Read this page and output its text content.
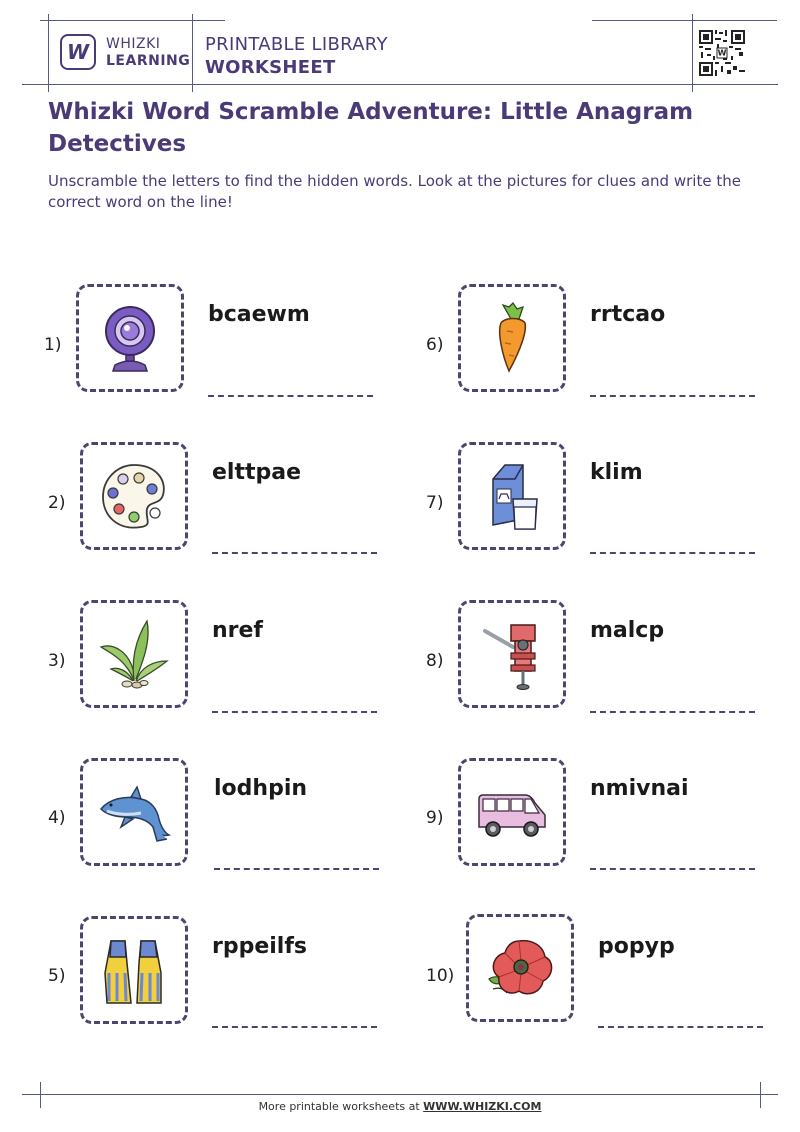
W WHIZKI
LEARNING
PRINTABLE LIBRARY
WORKSHEET
W
Whizki Word Scramble Adventure: Little Anagram Detectives
Unscramble the letters to find the hidden words. Look at the pictures for clues and write the correct word on the line!
1)
bcaewm
2)
elttpae
3)
nref
4)
lodhpin
5)
rppeilfs
6)
rrtcao
7)
klim
8)
malcp
9)
nmivnai
10)
popyp
More printable worksheets at WWW.WHIZKI.COM
